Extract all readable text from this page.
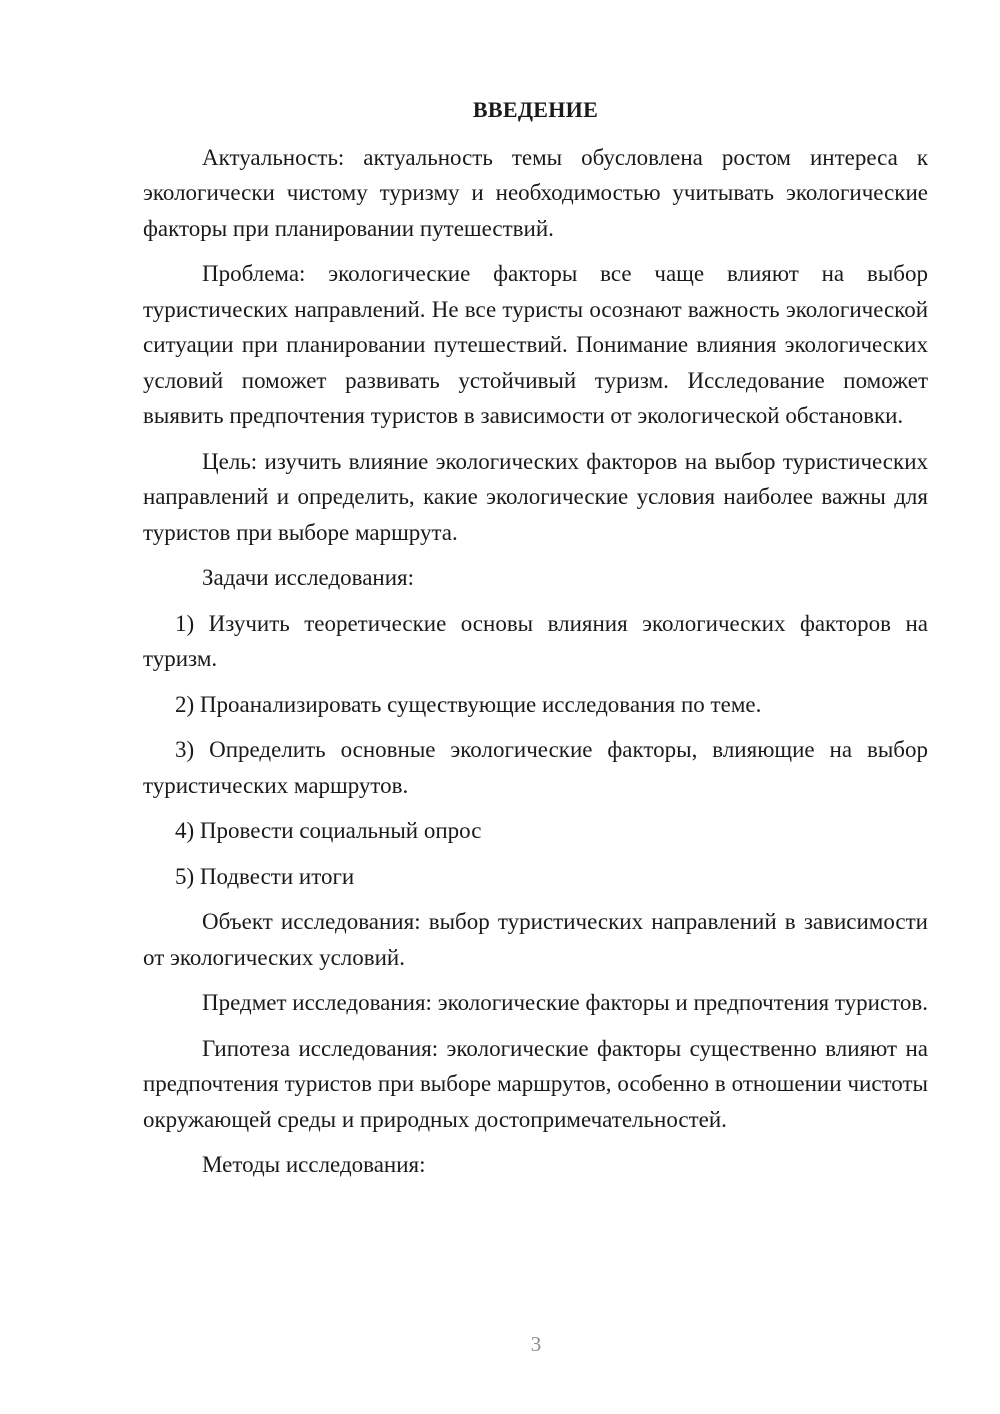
ВВЕДЕНИЕ

Актуальность: актуальность темы обусловлена ростом интереса к экологически чистому туризму и необходимостью учитывать экологические факторы при планировании путешествий.

Проблема: экологические факторы все чаще влияют на выбор туристических направлений. Не все туристы осознают важность экологической ситуации при планировании путешествий. Понимание влияния экологических условий поможет развивать устойчивый туризм. Исследование поможет выявить предпочтения туристов в зависимости от экологической обстановки.

Цель: изучить влияние экологических факторов на выбор туристических направлений и определить, какие экологические условия наиболее важны для туристов при выборе маршрута.

Задачи исследования:

1) Изучить теоретические основы влияния экологических факторов на туризм.

2) Проанализировать существующие исследования по теме.

3) Определить основные экологические факторы, влияющие на выбор туристических маршрутов.

4) Провести социальный опрос

5) Подвести итоги

Объект исследования: выбор туристических направлений в зависимости от экологических условий.

Предмет исследования: экологические факторы и предпочтения туристов.

Гипотеза исследования: экологические факторы существенно влияют на предпочтения туристов при выборе маршрутов, особенно в отношении чистоты окружающей среды и природных достопримечательностей.

Методы исследования:

3
